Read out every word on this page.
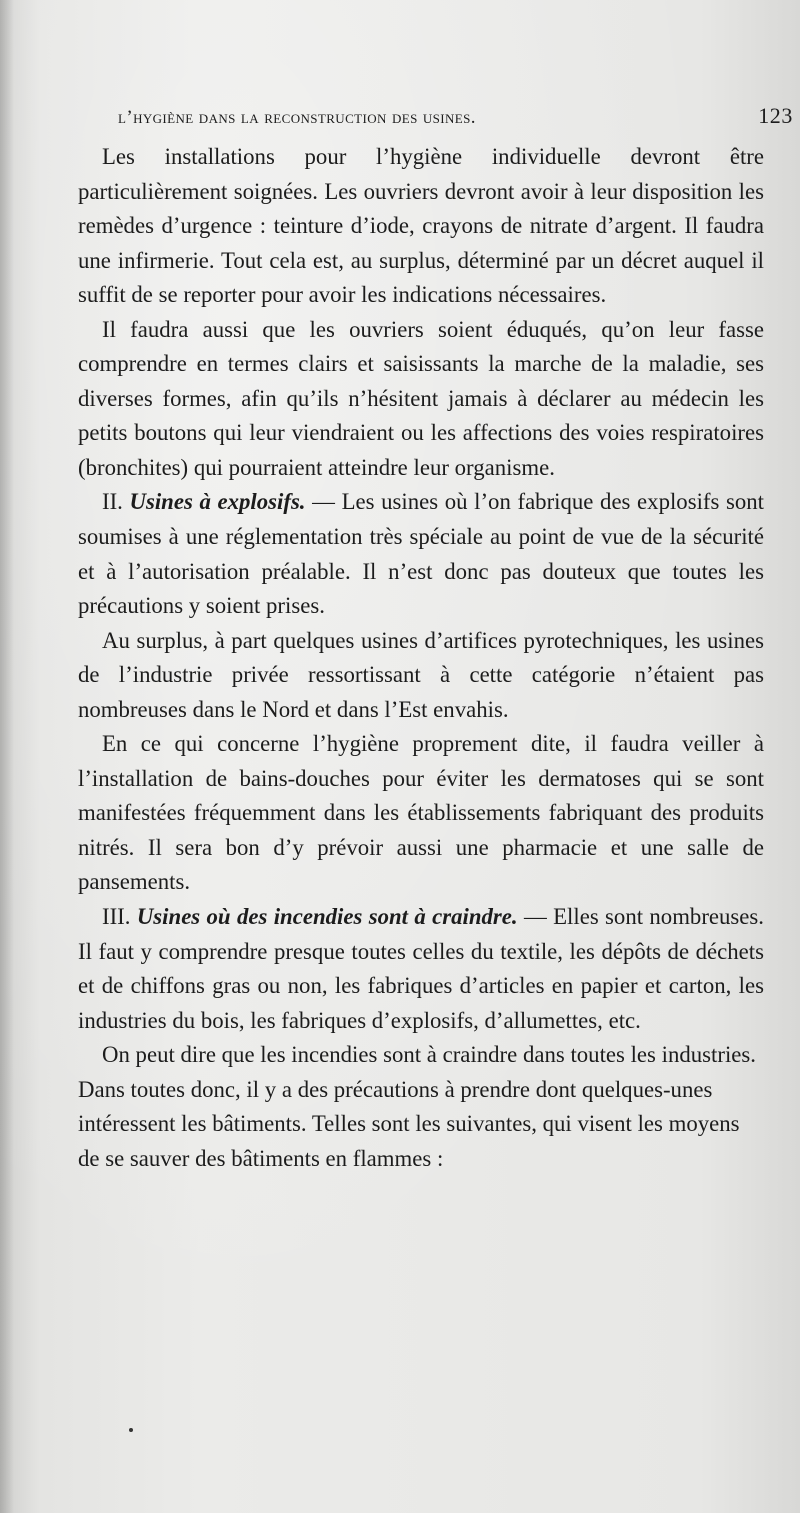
l’hygiène dans la reconstruction des usines.	123

Les installations pour l’hygiène individuelle devront être particulièrement soignées. Les ouvriers devront avoir à leur disposition les remèdes d’urgence : teinture d’iode, crayons de nitrate d’argent. Il faudra une infirmerie. Tout cela est, au surplus, déterminé par un décret auquel il suffit de se reporter pour avoir les indications nécessaires.

Il faudra aussi que les ouvriers soient éduqués, qu’on leur fasse comprendre en termes clairs et saisissants la marche de la maladie, ses diverses formes, afin qu’ils n’hésitent jamais à déclarer au médecin les petits boutons qui leur viendraient ou les affections des voies respiratoires (bronchites) qui pourraient atteindre leur organisme.

II. Usines à explosifs. — Les usines où l’on fabrique des explosifs sont soumises à une réglementation très spéciale au point de vue de la sécurité et à l’autorisation préalable. Il n’est donc pas douteux que toutes les précautions y soient prises.

Au surplus, à part quelques usines d’artifices pyrotechniques, les usines de l’industrie privée ressortissant à cette catégorie n’étaient pas nombreuses dans le Nord et dans l’Est envahis.

En ce qui concerne l’hygiène proprement dite, il faudra veiller à l’installation de bains-douches pour éviter les dermatoses qui se sont manifestées fréquemment dans les établissements fabriquant des produits nitrés. Il sera bon d’y prévoir aussi une pharmacie et une salle de pansements.

III. Usines où des incendies sont à craindre. — Elles sont nombreuses. Il faut y comprendre presque toutes celles du textile, les dépôts de déchets et de chiffons gras ou non, les fabriques d’articles en papier et carton, les industries du bois, les fabriques d’explosifs, d’allumettes, etc.

On peut dire que les incendies sont à craindre dans toutes les industries. Dans toutes donc, il y a des précautions à prendre dont quelques-unes intéressent les bâtiments. Telles sont les suivantes, qui visent les moyens de se sauver des bâtiments en flammes :
